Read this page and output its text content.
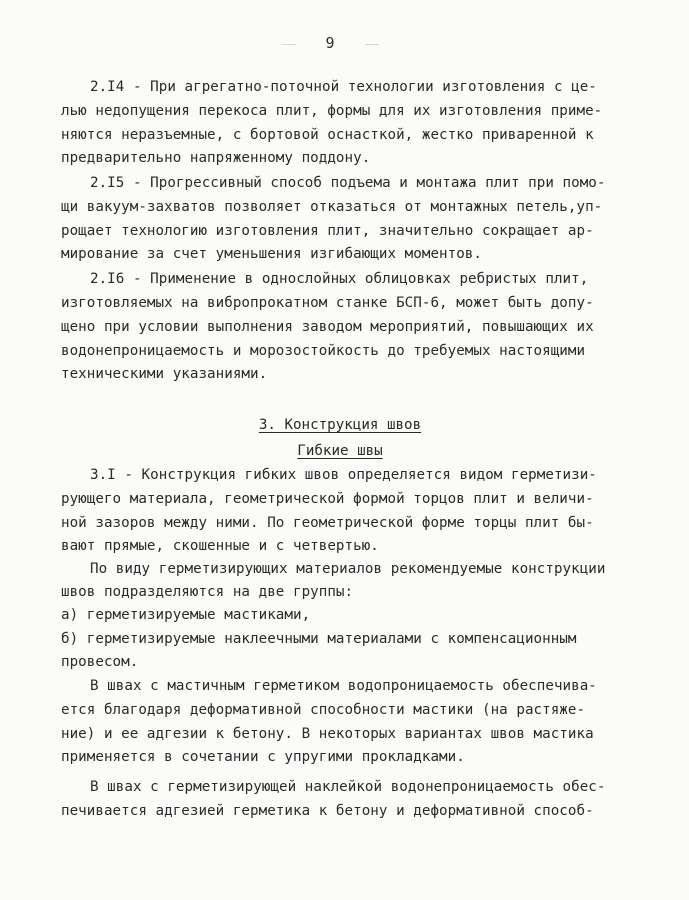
9
2.I4 - При агрегатно-поточной технологии изготовления с це-
лью недопущения перекоса плит, формы для их изготовления приме-
няются неразъемные, с бортовой оснасткой, жестко приваренной к
предварительно напряженному поддону.
2.I5 - Прогрессивный способ подъема и монтажа плит при помо-
щи вакуум-захватов позволяет отказаться от монтажных петель,уп-
рощает технологию изготовления плит, значительно сокращает ар-
мирование за счет уменьшения изгибающих моментов.
2.I6 - Применение в однослойных облицовках ребристых плит,
изготовляемых на вибропрокатном станке БСП-6, может быть допу-
щено при условии выполнения заводом мероприятий, повышающих их
водонепроницаемость и морозостойкость до требуемых настоящими
техническими указаниями.
3. Конструкция швов
Гибкие швы
3.I - Конструкция гибких швов определяется видом герметизи-
рующего материала, геометрической формой торцов плит и величи-
ной зазоров между ними. По геометрической форме торцы плит бы-
вают прямые, скошенные и с четвертью.
По виду герметизирующих материалов рекомендуемые конструкции
швов подразделяются на две группы:
а) герметизируемые мастиками,
б) герметизируемые наклеечными материалами с компенсационным
провесом.
В швах с мастичным герметиком водопроницаемость обеспечива-
ется благодаря деформативной способности мастики (на растяже-
ние) и ее адгезии к бетону. В некоторых вариантах швов мастика
применяется в сочетании с упругими прокладками.
В швах с герметизирующей наклейкой водонепроницаемость обес-
печивается адгезией герметика к бетону и деформативной способ-
